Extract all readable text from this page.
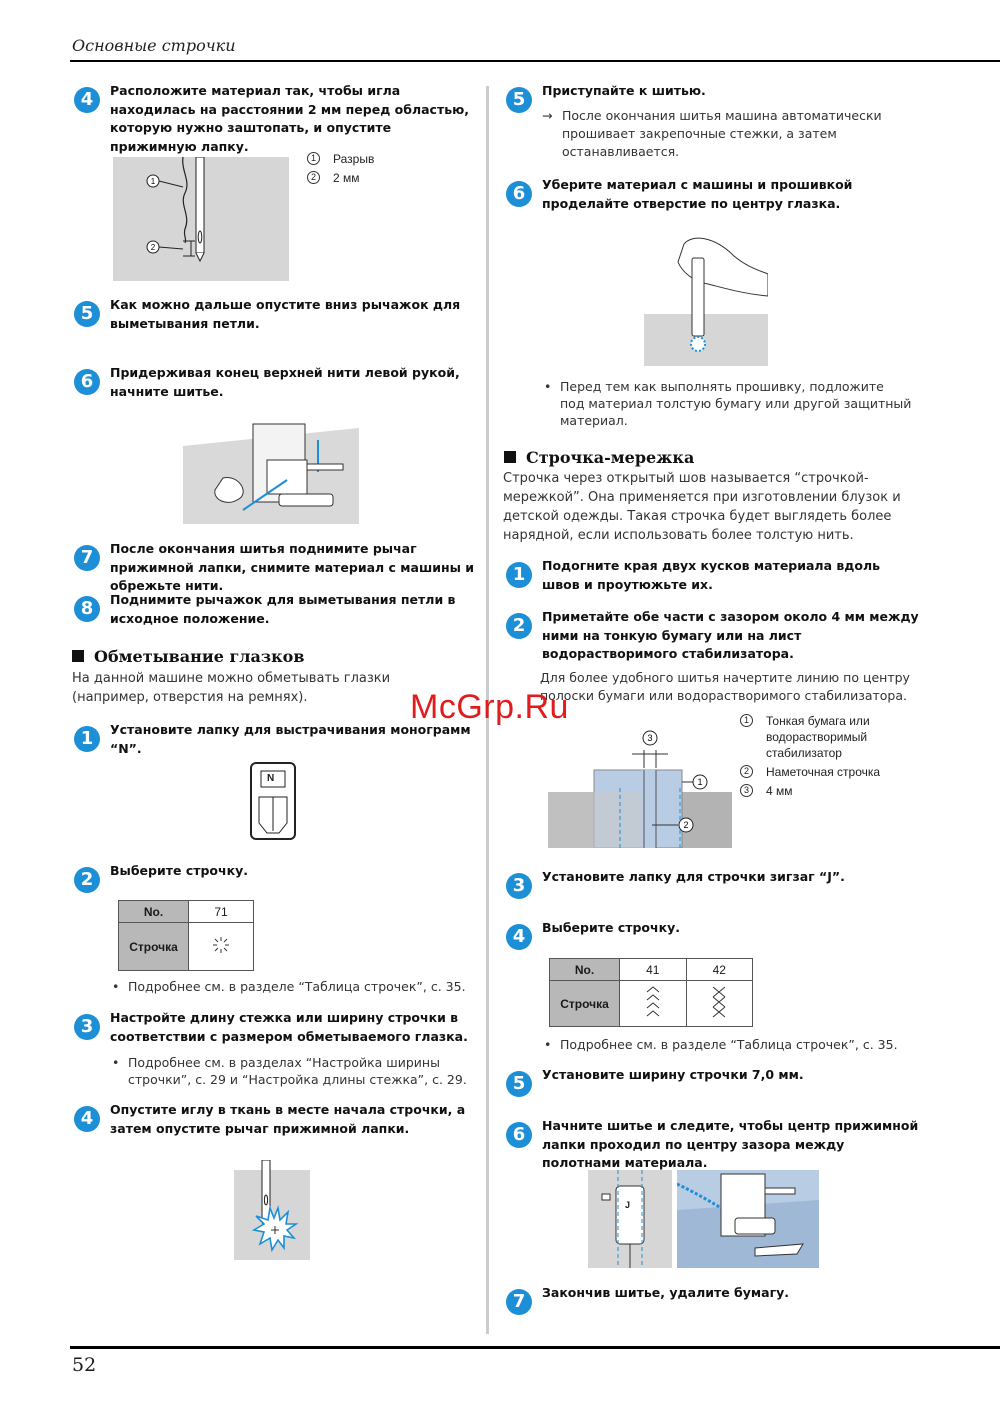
Основные строчки
52
4	Расположите материал так, чтобы игла находилась на расстоянии 2 мм перед областью, которую нужно заштопать, и опустите прижимную лапку.
1
2
1	Разрыв
2	2 мм
5	Как можно дальше опустите вниз рычажок для выметывания петли.
6	Придерживая конец верхней нити левой рукой, начните шитье.
7	После окончания шитья поднимите рычаг прижимной лапки, снимите материал с машины и обрежьте нити.
8	Поднимите рычажок для выметывания петли в исходное положение.
Обметывание глазков
На данной машине можно обметывать глазки (например, отверстия на ремнях).
1	Установите лапку для выстрачивания монограмм “N”.
N
2	Выберите строчку.
No.	71
Строчка	
• Подробнее см. в разделе “Таблица строчек”, с. 35.
3	Настройте длину стежка или ширину строчки в соответствии с размером обметываемого глазка.
• Подробнее см. в разделах “Настройка ширины строчки”, с. 29 и “Настройка длины стежка”, с. 29.
4	Опустите иглу в ткань в месте начала строчки, а затем опустите рычаг прижимной лапки.
5	Приступайте к шитью.
→ После окончания шитья машина автоматически прошивает закрепочные стежки, а затем останавливается.
6	Уберите материал с машины и прошивкой проделайте отверстие по центру глазка.
• Перед тем как выполнять прошивку, подложите под материал толстую бумагу или другой защитный материал.
Строчка-мережка
Строчка через открытый шов называется “строчкой-мережкой”. Она применяется при изготовлении блузок и детской одежды. Такая строчка будет выглядеть более нарядной, если использовать более толстую нить.
1	Подогните края двух кусков материала вдоль швов и проутюжьте их.
2	Приметайте обе части с зазором около 4 мм между ними на тонкую бумагу или на лист водорастворимого стабилизатора.
Для более удобного шитья начертите линию по центру полоски бумаги или водорастворимого стабилизатора.
3
1
2
1	Тонкая бумага или водорастворимый стабилизатор
2	Наметочная строчка
3	4 мм
3	Установите лапку для строчки зигзаг “J”.
4	Выберите строчку.
No.	41	42
Строчка		
• Подробнее см. в разделе “Таблица строчек”, с. 35.
5	Установите ширину строчки 7,0 мм.
6	Начните шитье и следите, чтобы центр прижимной лапки проходил по центру зазора между полотнами материала.
J
7	Закончив шитье, удалите бумагу.
McGrp.Ru
